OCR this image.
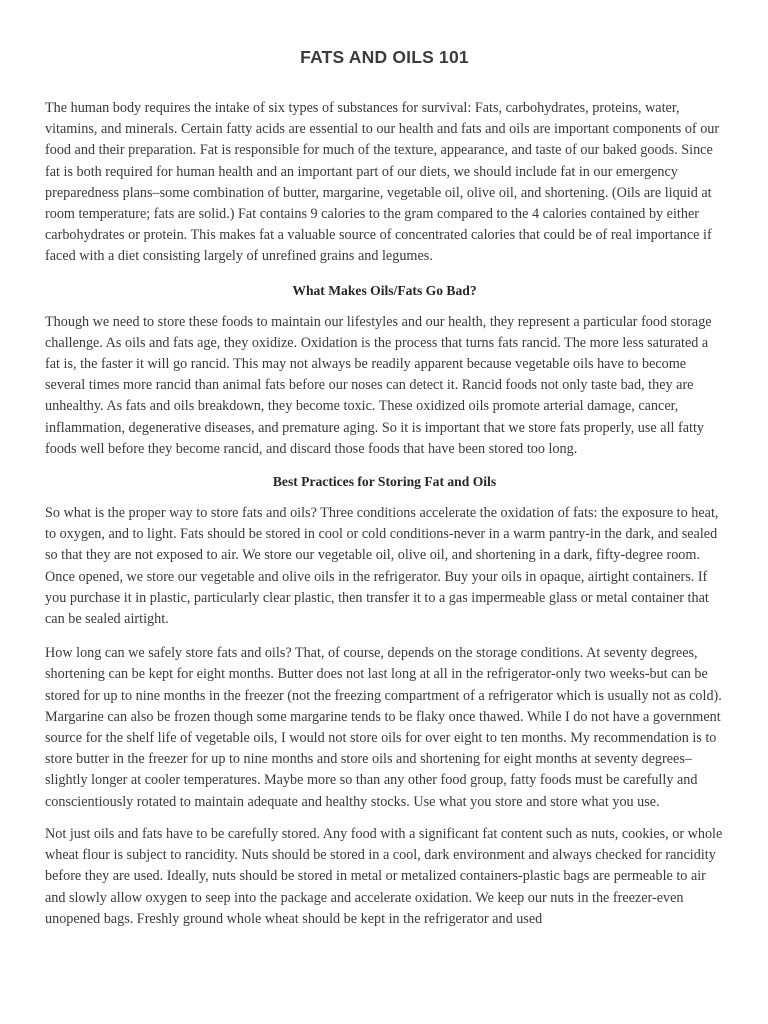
FATS AND OILS 101

The human body requires the intake of six types of substances for survival: Fats, carbohydrates, proteins, water, vitamins, and minerals. Certain fatty acids are essential to our health and fats and oils are important components of our food and their preparation. Fat is responsible for much of the texture, appearance, and taste of our baked goods. Since fat is both required for human health and an important part of our diets, we should include fat in our emergency preparedness plans–some combination of butter, margarine, vegetable oil, olive oil, and shortening. (Oils are liquid at room temperature; fats are solid.) Fat contains 9 calories to the gram compared to the 4 calories contained by either carbohydrates or protein. This makes fat a valuable source of concentrated calories that could be of real importance if faced with a diet consisting largely of unrefined grains and legumes.

What Makes Oils/Fats Go Bad?

Though we need to store these foods to maintain our lifestyles and our health, they represent a particular food storage challenge. As oils and fats age, they oxidize. Oxidation is the process that turns fats rancid. The more less saturated a fat is, the faster it will go rancid. This may not always be readily apparent because vegetable oils have to become several times more rancid than animal fats before our noses can detect it. Rancid foods not only taste bad, they are unhealthy. As fats and oils breakdown, they become toxic. These oxidized oils promote arterial damage, cancer, inflammation, degenerative diseases, and premature aging. So it is important that we store fats properly, use all fatty foods well before they become rancid, and discard those foods that have been stored too long.

Best Practices for Storing Fat and Oils

So what is the proper way to store fats and oils? Three conditions accelerate the oxidation of fats: the exposure to heat, to oxygen, and to light. Fats should be stored in cool or cold conditions-never in a warm pantry-in the dark, and sealed so that they are not exposed to air. We store our vegetable oil, olive oil, and shortening in a dark, fifty-degree room. Once opened, we store our vegetable and olive oils in the refrigerator. Buy your oils in opaque, airtight containers. If you purchase it in plastic, particularly clear plastic, then transfer it to a gas impermeable glass or metal container that can be sealed airtight.

How long can we safely store fats and oils? That, of course, depends on the storage conditions. At seventy degrees, shortening can be kept for eight months. Butter does not last long at all in the refrigerator-only two weeks-but can be stored for up to nine months in the freezer (not the freezing compartment of a refrigerator which is usually not as cold). Margarine can also be frozen though some margarine tends to be flaky once thawed. While I do not have a government source for the shelf life of vegetable oils, I would not store oils for over eight to ten months. My recommendation is to store butter in the freezer for up to nine months and store oils and shortening for eight months at seventy degrees–slightly longer at cooler temperatures. Maybe more so than any other food group, fatty foods must be carefully and conscientiously rotated to maintain adequate and healthy stocks. Use what you store and store what you use.

Not just oils and fats have to be carefully stored. Any food with a significant fat content such as nuts, cookies, or whole wheat flour is subject to rancidity. Nuts should be stored in a cool, dark environment and always checked for rancidity before they are used. Ideally, nuts should be stored in metal or metalized containers-plastic bags are permeable to air and slowly allow oxygen to seep into the package and accelerate oxidation. We keep our nuts in the freezer-even unopened bags. Freshly ground whole wheat should be kept in the refrigerator and used
